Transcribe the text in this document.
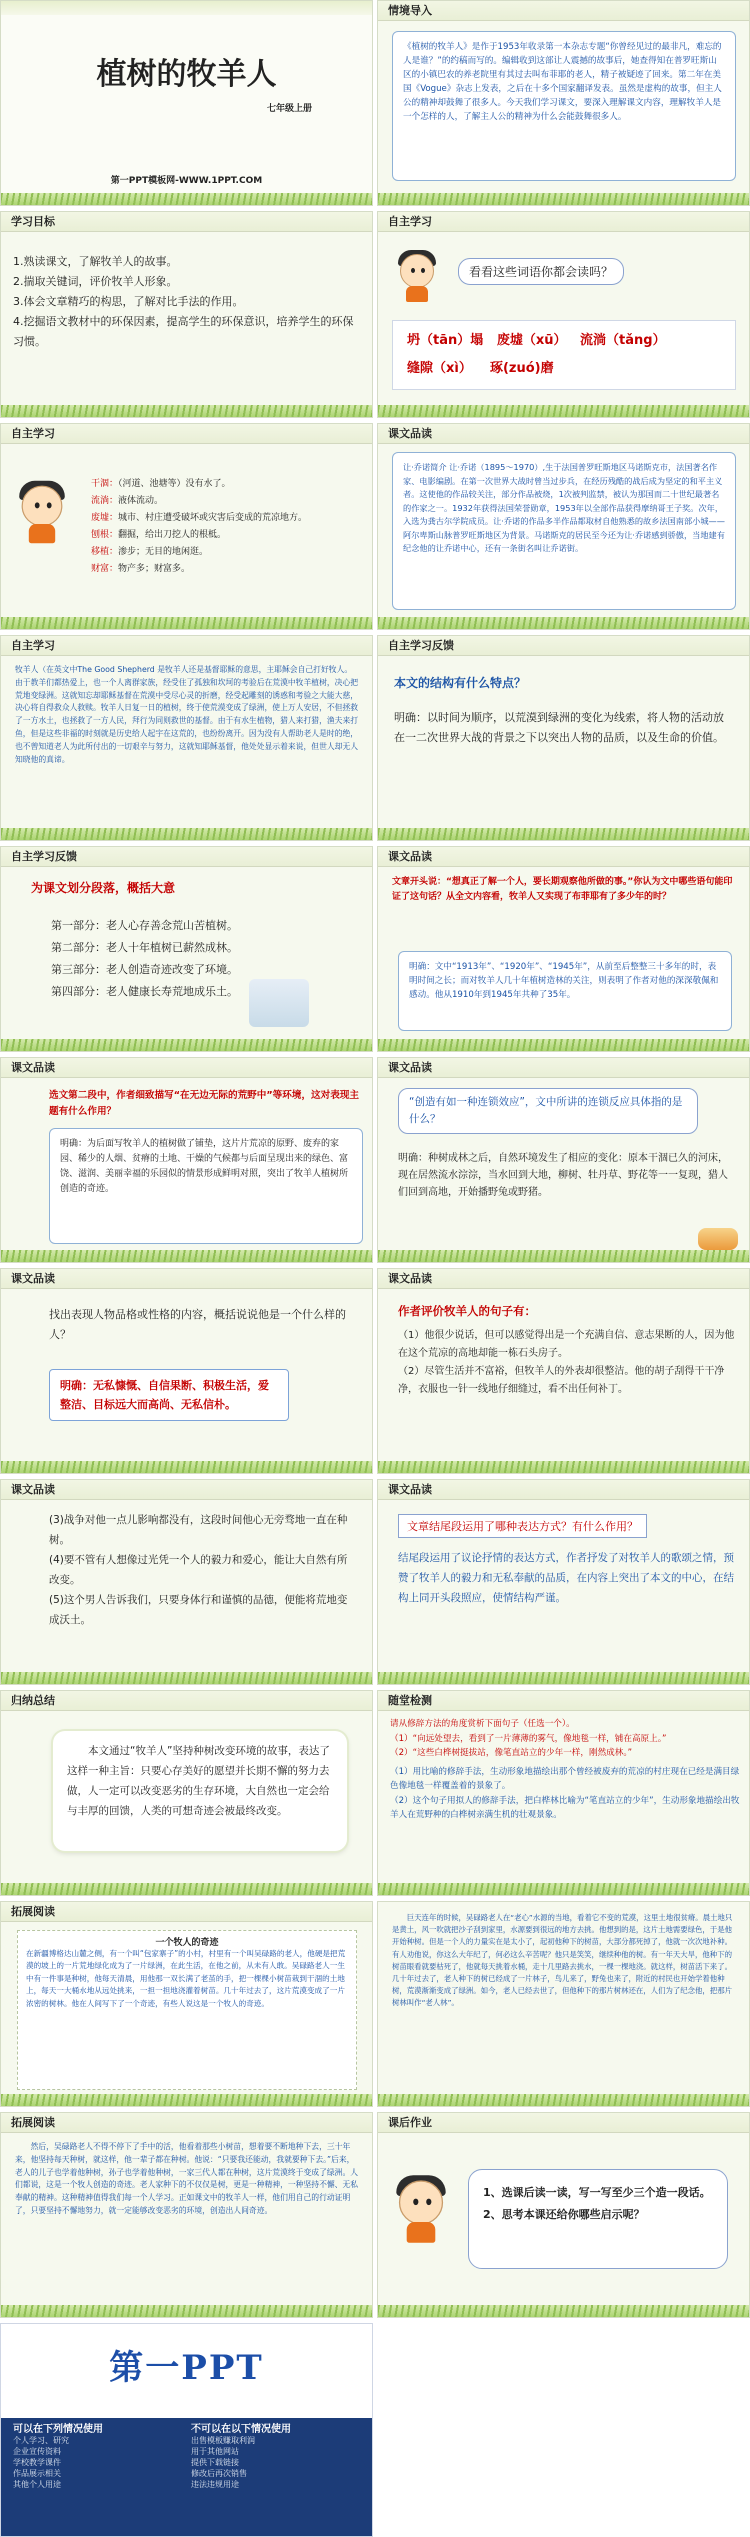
植树的牧羊人
七年级上册
第一PPT模板网-WWW.1PPT.COM
情境导入
《植树的牧羊人》是作于1953年收录第一本杂志专题“你曾经见过的最非凡，难忘的人是谁？”的约稿而写的。编辑收到这部让人震撼的故事后，她查得知在普罗旺斯山区的小镇巴农的养老院里有其过去叫布菲耶的老人，精子被疑迹了回来。第二年在美国《Vogue》杂志上发表，之后在十多个国家翻译发表。虽然是虚构的故事，但主人公的精神却鼓舞了很多人。今天我们学习课文，要深入理解课文内容，理解牧羊人是一个怎样的人，了解主人公的精神为什么会能鼓舞很多人。
学习目标
1.熟读课文，了解牧羊人的故事。
2.揣取关键词，评价牧羊人形象。
3.体会文章精巧的构思，了解对比手法的作用。
4.挖掘语文教材中的环保因素，提高学生的环保意识，培养学生的环保习惯。
自主学习
看看这些词语你都会读吗？
坍（tān）塌 废墟（xū） 流淌（tǎng）
缝隙（xì） 琢(zuó)磨
自主学习
干涸：（河道、池塘等）没有水了。
流淌：液体流动。
废墟：城市、村庄遭受破坏或灾害后变成的荒凉地方。
刨根：翻掘，给出刀挖人的根柢。
移植：渗步；无目的地闲逛。
财富：物产多；财富多。
课文品读
让·乔诺简介 让·乔诺（1895～1970）,生于法国普罗旺斯地区马诺斯克市，法国著名作家、电影编剧。在第一次世界大战时曾当过步兵，在经历残酷的战后成为坚定的和平主义者。这使他的作品较关注，部分作品被烧，1次被判监禁，被认为那国而二十世纪最著名的作家之一。1932年获得法国荣誉勋章，1953年以全部作品获得摩纳哥王子奖。次年，入选为龚古尔学院成员。让·乔诺的作品多半作品都取材自他熟悉的故乡法国南部小城——阿尔卑斯山脉普罗旺斯地区为背景。马诺斯克的居民至今还为让·乔诺感到骄傲，当地建有纪念他的让乔诺中心，还有一条街名叫让乔诺街。
自主学习
牧羊人（在英文中The Good Shepherd 是牧羊人还是基督耶稣的意思，主耶稣会自己打好牧人。由于教羊们都热爱上，也一个人离群家族，经受住了孤独和坎坷的考验后在荒漠中牧羊植树，决心把荒地变绿洲。这就知忘却耶稣基督在荒漠中受尽心灵的折磨，经受起雕刻的诱惑和考验之大能大慈，决心将自得救众人救赎。牧羊人日复一日的植树，终于使荒漠变成了绿洲，使上万人安居，不但拯救了一方水土，也拯救了一方人民，拜行为同则救世的基督。由于有水生植物，猎人来打猎，渔夫来打鱼，但是这些非福的时刻就是历史给人起宇在这荒的，也纷纷离开。因为没有人帮助老人是时的绝，也不曾知道老人为此所付出的一切艰辛与努力，这就知耶稣基督，他处处显示着来说，但世人却无人知晓他的真谛。
自主学习反馈
本文的结构有什么特点？
明确：以时间为顺序，以荒漠到绿洲的变化为线索，将人物的活动放在一二次世界大战的背景之下以突出人物的品质，以及生命的价值。
自主学习反馈
为课文划分段落，概括大意
第一部分：老人心存善念荒山苦植树。
第二部分：老人十年植树已薪然成林。
第三部分：老人创造奇迹改变了环境。
第四部分：老人健康长寿荒地成乐土。
课文品读
文章开头说：“想真正了解一个人，要长期观察他所做的事。”你认为文中哪些语句能印证了这句话？从全文内容看，牧羊人又实现了布菲耶有了多少年的时？
明确：文中“1913年”、“1920年”、“1945年”，从前至后整整三十多年的时，表明时间之长；而对牧羊人几十年植树造林的关注，则表明了作者对他的深深敬佩和感动。他从1910年到1945年共种了35年。
课文品读
选文第二段中，作者细致描写“在无边无际的荒野中”等环境，这对表现主题有什么作用？
明确：为后面写牧羊人的植树做了铺垫，这片片荒凉的原野、废弃的家园、稀少的人烟、贫瘠的土地、干燥的气候都与后面呈现出来的绿色、富饶、滋润、美丽幸福的乐园似的情景形成鲜明对照，突出了牧羊人植树所创造的奇迹。
课文品读
“创造有如一种连锁效应”，文中所讲的连锁反应具体指的是什么？
明确：种树成林之后，自然环境发生了相应的变化：原本干涸已久的河床，现在居然流水淙淙，当水回到大地，柳树、牡丹草、野花等一一复现，猎人们回到高地，开始播野兔或野猪。
课文品读
找出表现人物品格或性格的内容，概括说说他是一个什么样的人？
明确：无私慷慨、自信果断、积极生活，爱整洁、目标远大而高尚、无私信朴。
课文品读
作者评价牧羊人的句子有：
（1）他很少说话，但可以感觉得出是一个充满自信、意志果断的人，因为他在这个荒凉的高地却能一栋石头房子。
（2）尽管生活并不富裕，但牧羊人的外表却很整洁。他的胡子刮得干干净净，衣服也一针一线地仔细缝过，看不出任何补丁。
课文品读
(3)战争对他一点儿影响都没有，这段时间他心无旁骛地一直在种树。
(4)要不管有人想像过光凭一个人的毅力和爱心，能让大自然有所改变。
(5)这个男人告诉我们，只要身体行和谨慎的品德，便能将荒地变成沃土。
课文品读
文章结尾段运用了哪种表达方式？有什么作用？
结尾段运用了议论抒情的表达方式，作者抒发了对牧羊人的歌颂之情，预赞了牧羊人的毅力和无私奉献的品质，在内容上突出了本文的中心，在结构上同开头段照应，使情结构严谨。
归纳总结
本文通过“牧羊人”坚持种树改变环境的故事，表达了这样一种主旨：只要心存美好的愿望并长期不懈的努力去做，人一定可以改变恶劣的生存环境，大自然也一定会给与丰厚的回馈，人类的可想奇迹会被最终改变。
随堂检测
请从修辞方法的角度赏析下面句子（任选一个）。
（1）“向远处望去，看到了一片薄薄的雾气，像地毯一样，铺在高原上。”
（2）“这些白桦树挺拔站，像笔直站立的少年一样，刚然成林。”
（1）用比喻的修辞手法，生动形象地描绘出那个曾经被废弃的荒凉的村庄现在已经是满目绿色像地毯一样覆盖着的景象了。
（2）这个句子用拟人的修辞手法，把白桦林比喻为“笔直站立的少年”，生动形象地描绘出牧羊人在荒野种的白桦树亲满生机的壮观景象。
拓展阅读
一个牧人的奇迹
在新疆博格达山麓之侧，有一个叫“包家寨子”的小村，村里有一个叫吴碌路的老人，他硬是把荒漠的坡上的一片荒地绿化成为了一片绿洲，在此生活，在他之前，从未有人敢。吴碌路老人一生中有一件事是种树，他每天清晨，用他那一双长满了老茧的手，把一棵棵小树苗栽到干涸的土地上，每天一大桶水地从远处挑来，一担一担地浇灌着树苗。几十年过去了，这片荒漠变成了一片浓密的树林。他在人间写下了一个奇迹，有些人说这是一个牧人的奇迹。
巨天连年的时候，吴碌路老人在“老心”水源的当地，看着它不变的荒漠，这里土地很贫瘠。晨土地只是黄土，风一吹就把沙子刮到家里，水源要到很远的地方去挑。他想到的是，这片土地需要绿色，于是他开始种树。但是一个人的力量实在是太小了，起初他种下的树苗，大部分都死掉了，他就一次次地补种。有人劝他说，你这么大年纪了，何必这么辛苦呢？他只是笑笑，继续种他的树。有一年天大旱，他种下的树苗眼看就要枯死了，他就每天挑着水桶，走十几里路去挑水，一棵一棵地浇。就这样，树苗活下来了。几十年过去了，老人种下的树已经成了一片林子，鸟儿来了，野兔也来了，附近的村民也开始学着他种树，荒漠渐渐变成了绿洲。如今，老人已经去世了，但他种下的那片树林还在，人们为了纪念他，把那片树林叫作“老人林”。
拓展阅读
然后，吴碌路老人不得不停下了手中的活，他看着那些小树苗，想着要不断地种下去，三十年来，他坚持每天种树，就这样，他一辈子都在种树。他说：“只要我还能动，我就要种下去。”后来，老人的儿子也学着他种树，孙子也学着他种树，一家三代人都在种树，这片荒漠终于变成了绿洲。人们都说，这是一个牧人创造的奇迹。老人家种下的不仅仅是树，更是一种精神，一种坚持不懈、无私奉献的精神。这种精神值得我们每一个人学习。正如课文中的牧羊人一样，他们用自己的行动证明了，只要坚持不懈地努力，就一定能够改变恶劣的环境，创造出人间奇迹。
课后作业
1、选课后读一读，写一写至少三个造一段话。
2、思考本课还给你哪些启示呢？
第一PPT
可以在下列情况使用
个人学习、研究
企业宣传资料
学校教学课件
作品展示相关
其他个人用途
不可以在以下情况使用
出售模板赚取利润
用于其他网站
提供下载链接
修改后再次销售
违法违规用途
